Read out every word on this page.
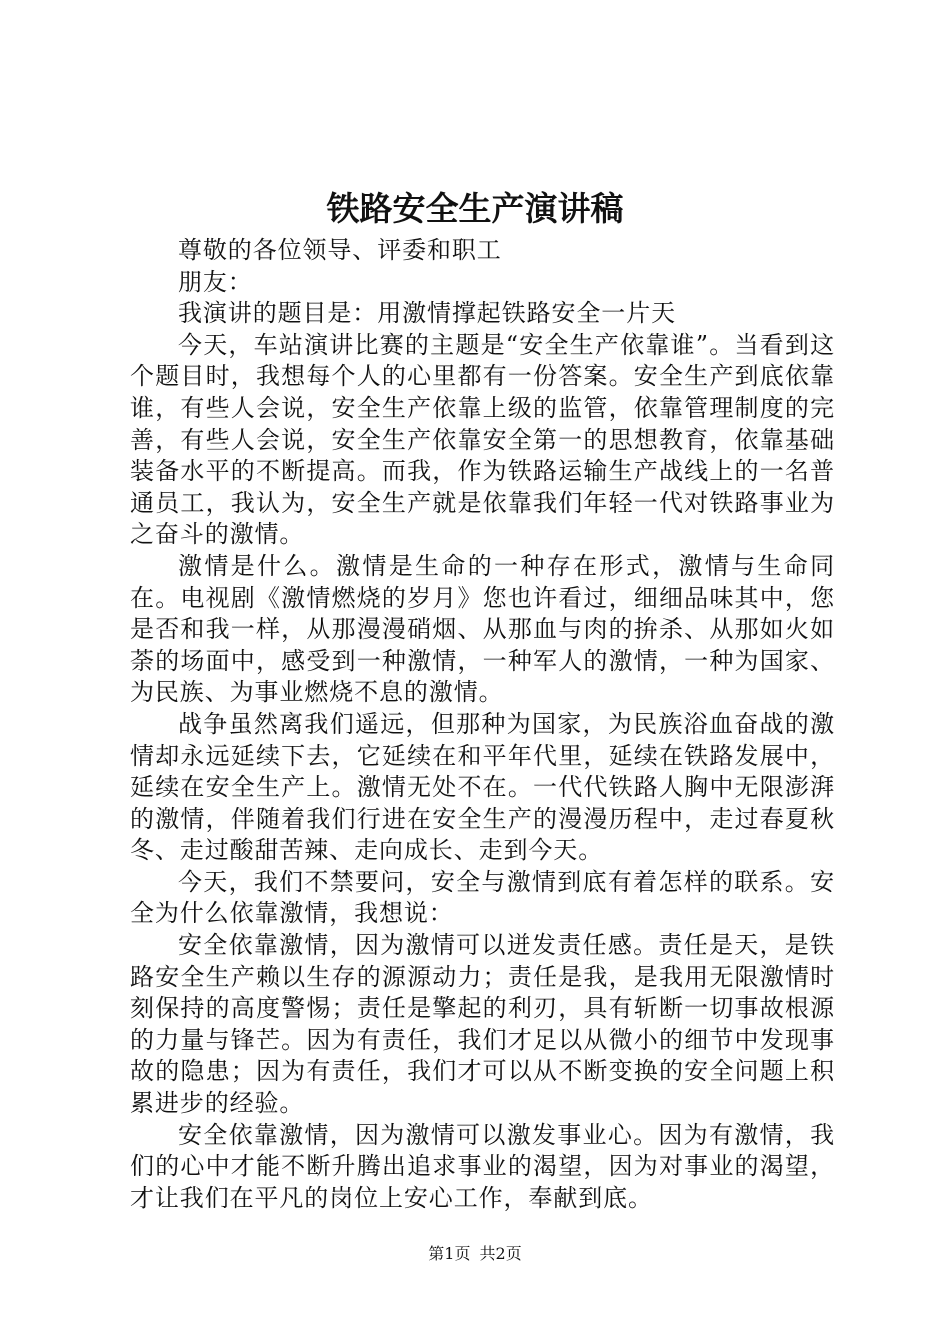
铁路安全生产演讲稿

尊敬的各位领导、评委和职工

朋友：

我演讲的题目是：用激情撑起铁路安全一片天

今天，车站演讲比赛的主题是“安全生产依靠谁”。当看到这个题目时，我想每个人的心里都有一份答案。安全生产到底依靠谁，有些人会说，安全生产依靠上级的监管，依靠管理制度的完善，有些人会说，安全生产依靠安全第一的思想教育，依靠基础装备水平的不断提高。而我，作为铁路运输生产战线上的一名普通员工，我认为，安全生产就是依靠我们年轻一代对铁路事业为之奋斗的激情。

激情是什么。激情是生命的一种存在形式，激情与生命同在。电视剧《激情燃烧的岁月》您也许看过，细细品味其中，您是否和我一样，从那漫漫硝烟、从那血与肉的拚杀、从那如火如荼的场面中，感受到一种激情，一种军人的激情，一种为国家、为民族、为事业燃烧不息的激情。

战争虽然离我们遥远，但那种为国家，为民族浴血奋战的激情却永远延续下去，它延续在和平年代里，延续在铁路发展中，延续在安全生产上。激情无处不在。一代代铁路人胸中无限澎湃的激情，伴随着我们行进在安全生产的漫漫历程中，走过春夏秋冬、走过酸甜苦辣、走向成长、走到今天。

今天，我们不禁要问，安全与激情到底有着怎样的联系。安全为什么依靠激情，我想说：

安全依靠激情，因为激情可以迸发责任感。责任是天，是铁路安全生产赖以生存的源源动力；责任是我，是我用无限激情时刻保持的高度警惕；责任是擎起的利刃，具有斩断一切事故根源的力量与锋芒。因为有责任，我们才足以从微小的细节中发现事故的隐患；因为有责任，我们才可以从不断变换的安全问题上积累进步的经验。

安全依靠激情，因为激情可以激发事业心。因为有激情，我们的心中才能不断升腾出追求事业的渴望，因为对事业的渴望，才让我们在平凡的岗位上安心工作，奉献到底。

第1页 共2页
